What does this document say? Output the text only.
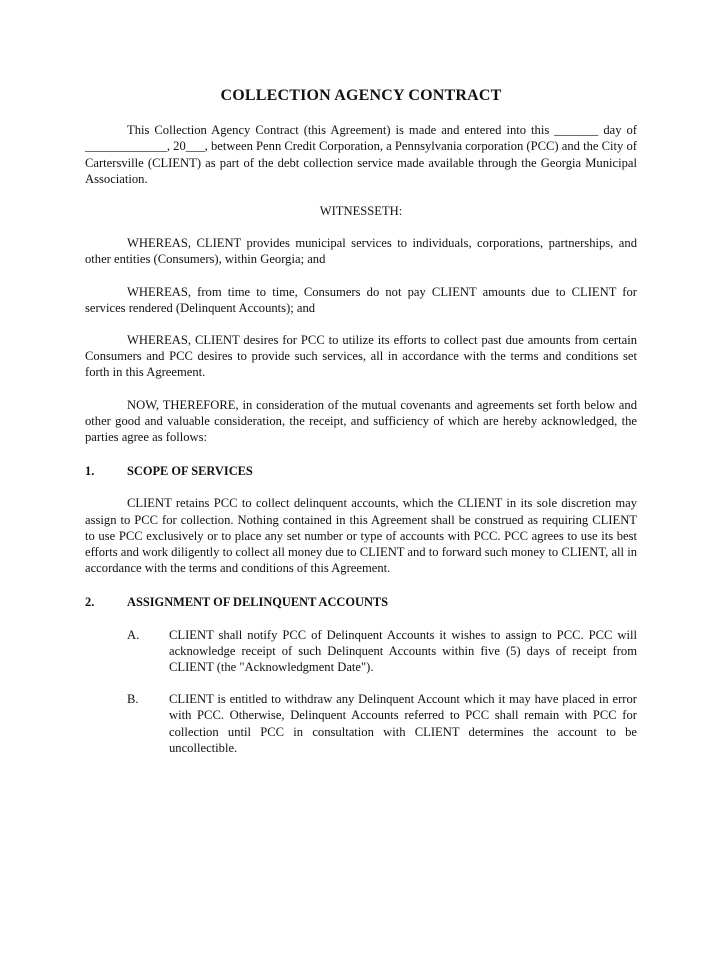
COLLECTION AGENCY CONTRACT

This Collection Agency Contract (this Agreement) is made and entered into this _______ day of _____________, 20___, between Penn Credit Corporation, a Pennsylvania corporation (PCC) and the City of Cartersville (CLIENT) as part of the debt collection service made available through the Georgia Municipal Association.

WITNESSETH:

WHEREAS, CLIENT provides municipal services to individuals, corporations, partnerships, and other entities (Consumers), within Georgia; and

WHEREAS, from time to time, Consumers do not pay CLIENT amounts due to CLIENT for services rendered (Delinquent Accounts); and

WHEREAS, CLIENT desires for PCC to utilize its efforts to collect past due amounts from certain Consumers and PCC desires to provide such services, all in accordance with the terms and conditions set forth in this Agreement.

NOW, THEREFORE, in consideration of the mutual covenants and agreements set forth below and other good and valuable consideration, the receipt, and sufficiency of which are hereby acknowledged, the parties agree as follows:

1.	SCOPE OF SERVICES

CLIENT retains PCC to collect delinquent accounts, which the CLIENT in its sole discretion may assign to PCC for collection. Nothing contained in this Agreement shall be construed as requiring CLIENT to use PCC exclusively or to place any set number or type of accounts with PCC. PCC agrees to use its best efforts and work diligently to collect all money due to CLIENT and to forward such money to CLIENT, all in accordance with the terms and conditions of this Agreement.

2.	ASSIGNMENT OF DELINQUENT ACCOUNTS
A.	CLIENT shall notify PCC of Delinquent Accounts it wishes to assign to PCC. PCC will acknowledge receipt of such Delinquent Accounts within five (5) days of receipt from CLIENT (the "Acknowledgment Date").
B.	CLIENT is entitled to withdraw any Delinquent Account which it may have placed in error with PCC. Otherwise, Delinquent Accounts referred to PCC shall remain with PCC for collection until PCC in consultation with CLIENT determines the account to be uncollectible.
